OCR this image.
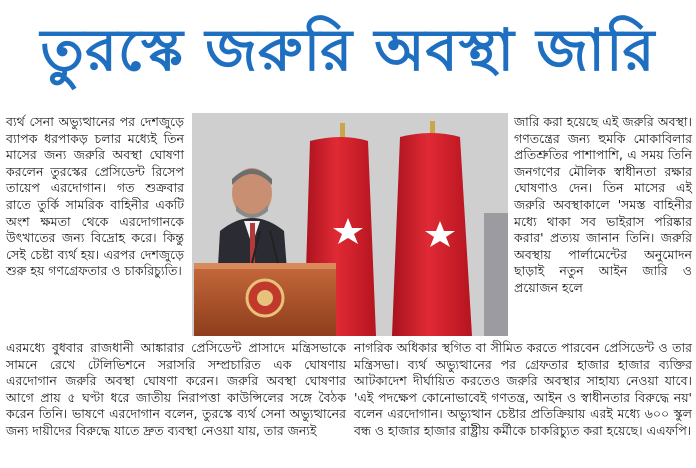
তুরস্কে জরুরি অবস্থা জারি
ব্যর্থ সেনা অভ্যুত্থানের পর দেশজুড়ে ব্যাপক ধরপাকড় চলার মধ্যেই তিন মাসের জন্য জরুরি অবস্থা ঘোষণা করলেন তুরস্কের প্রেসিডেন্ট রিসেপ তায়েপ এরদোগান। গত শুক্রবার রাতে তুর্কি সামরিক বাহিনীর একটি অংশ ক্ষমতা থেকে এরদোগানকে উৎখাতের জন্য বিদ্রোহ করে। কিন্তু সেই চেষ্টা ব্যর্থ হয়। এরপর দেশজুড়ে শুরু হয় গণগ্রেফতার ও চাকরিচ্যুতি।
জারি করা হয়েছে এই জরুরি অবস্থা। গণতন্ত্রের জন্য হুমকি মোকাবিলার প্রতিশ্রুতির পাশাপাশি, এ সময় তিনি জনগণের মৌলিক স্বাধীনতা রক্ষার ঘোষণাও দেন। তিন মাসের এই জরুরি অবস্থাকালে 'সমস্ত বাহিনীর মধ্যে থাকা সব ভাইরাস পরিষ্কার করার' প্রত্যয় জানান তিনি। জরুরি অবস্থায় পার্লামেন্টের অনুমোদন ছাড়াই নতুন আইন জারি ও প্রয়োজন হলে
এরমধ্যে বুধবার রাজধানী আঙ্কারার প্রেসিডেন্ট প্রাসাদে মন্ত্রিসভাকে সামনে রেখে টেলিভিশনে সরাসরি সম্প্রচারিত এক ঘোষণায় এরদোগান জরুরি অবস্থা ঘোষণা করেন। জরুরি অবস্থা ঘোষণার আগে প্রায় ৫ ঘণ্টা ধরে জাতীয় নিরাপত্তা কাউন্সিলের সঙ্গে বৈঠক করেন তিনি। ভাষণে এরদোগান বলেন, তুরস্কে ব্যর্থ সেনা অভ্যুত্থানের জন্য দায়ীদের বিরুদ্ধে যাতে দ্রুত ব্যবস্থা নেওয়া যায়, তার জন্যই
নাগরিক অধিকার স্থগিত বা সীমিত করতে পারবেন প্রেসিডেন্ট ও তার মন্ত্রিসভা। ব্যর্থ অভ্যুত্থানের পর গ্রেফতার হাজার হাজার ব্যক্তির আটকাদেশ দীর্ঘায়িত করতেও জরুরি অবস্থার সাহায্য নেওয়া যাবে। 'এই পদক্ষেপ কোনোভাবেই গণতন্ত্র, আইন ও স্বাধীনতার বিরুদ্ধে নয়' বলেন এরদোগান। অভ্যুত্থান চেষ্টার প্রতিক্রিয়ায় এরই মধ্যে ৬০০ স্কুল বন্ধ ও হাজার হাজার রাষ্ট্রীয় কর্মীকে চাকরিচ্যুত করা হয়েছে। এএফপি।
